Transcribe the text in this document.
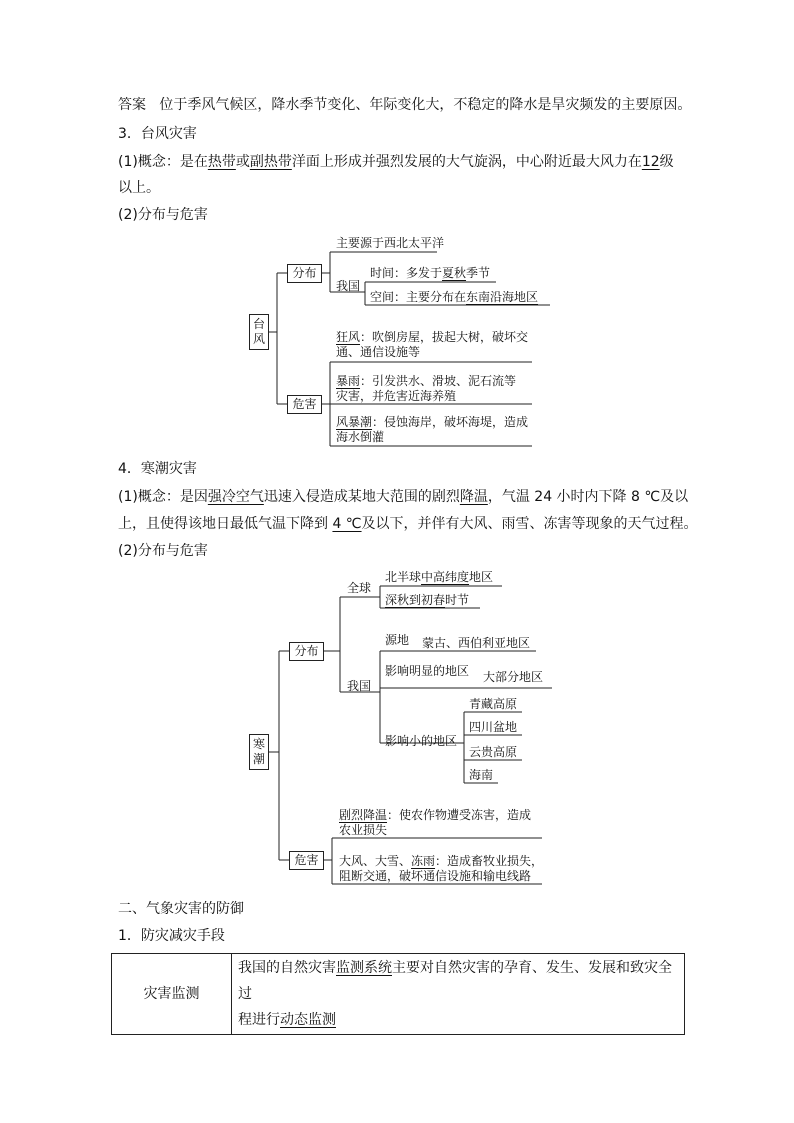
答案 位于季风气候区，降水季节变化、年际变化大，不稳定的降水是旱灾频发的主要原因。
3．台风灾害
(1)概念：是在热带或副热带洋面上形成并强烈发展的大气旋涡，中心附近最大风力在12级
以上。
(2)分布与危害
台风
分布
危害
主要源于西北太平洋
我国
时间：多发于夏秋季节
空间：主要分布在东南沿海地区
狂风：吹倒房屋，拔起大树，破坏交
通、通信设施等
暴雨：引发洪水、滑坡、泥石流等
灾害，并危害近海养殖
风暴潮：侵蚀海岸，破坏海堤，造成
海水倒灌
4．寒潮灾害
(1)概念：是因强冷空气迅速入侵造成某地大范围的剧烈降温，气温 24 小时内下降 8 ℃及以
上，且使得该地日最低气温下降到 4 ℃及以下，并伴有大风、雨雪、冻害等现象的天气过程。
(2)分布与危害
寒潮
分布
危害
全球
北半球中高纬度地区
深秋到初春时节
我国
源地 蒙古、西伯利亚地区
影响明显的地区 大部分地区
影响小的地区
青藏高原
四川盆地
云贵高原
海南
剧烈降温：使农作物遭受冻害，造成
农业损失
大风、大雪、冻雨：造成畜牧业损失，
阻断交通，破坏通信设施和输电线路
二、气象灾害的防御
1．防灾减灾手段
灾害监测	我国的自然灾害监测系统主要对自然灾害的孕育、发生、发展和致灾全过
程进行动态监测
